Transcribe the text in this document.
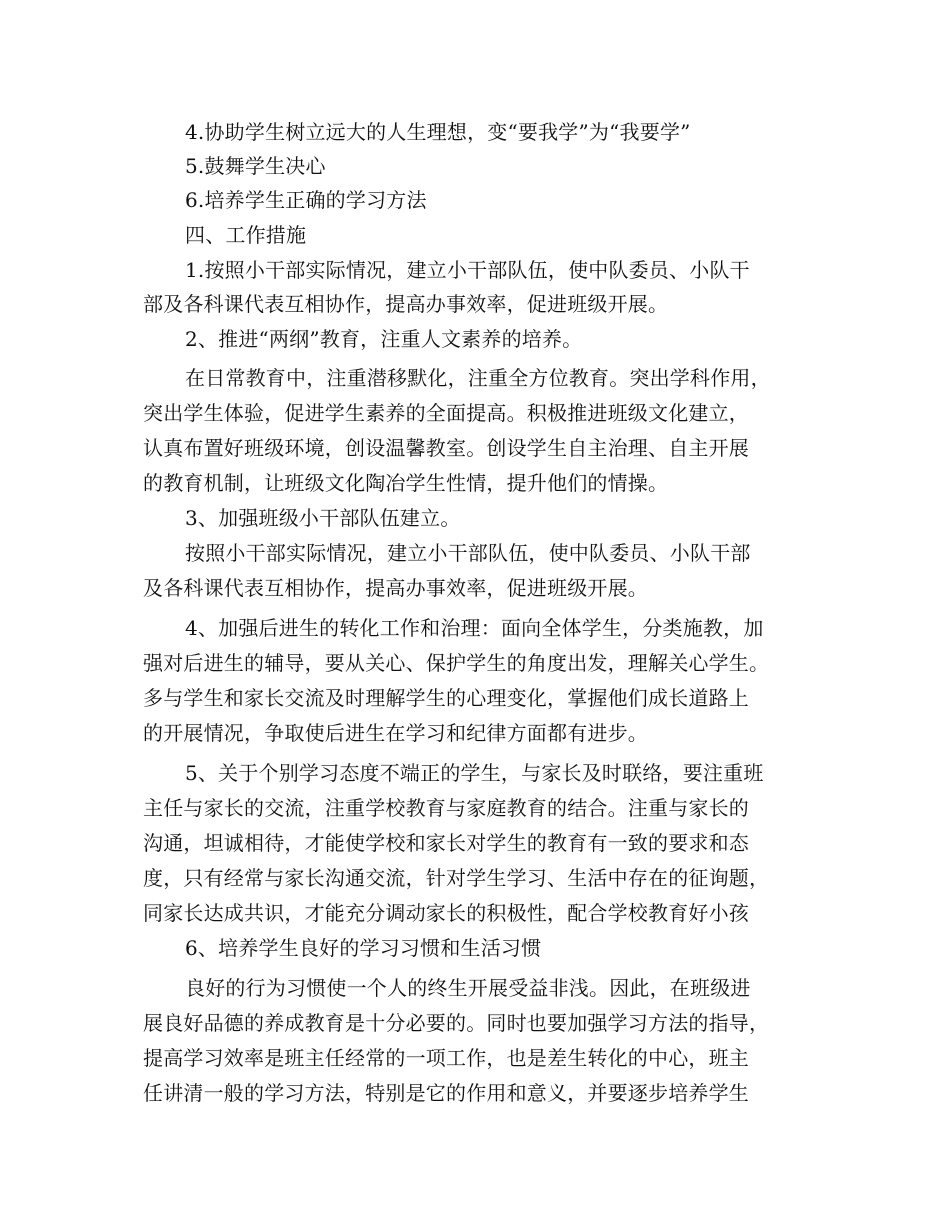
4.协助学生树立远大的人生理想，变“要我学”为“我要学”
5.鼓舞学生决心
6.培养学生正确的学习方法
四、工作措施
1.按照小干部实际情况，建立小干部队伍，使中队委员、小队干
部及各科课代表互相协作，提高办事效率，促进班级开展。
2、推进“两纲”教育，注重人文素养的培养。
在日常教育中，注重潜移默化，注重全方位教育。突出学科作用，
突出学生体验，促进学生素养的全面提高。积极推进班级文化建立，
认真布置好班级环境，创设温馨教室。创设学生自主治理、自主开展
的教育机制，让班级文化陶冶学生性情，提升他们的情操。
3、加强班级小干部队伍建立。
按照小干部实际情况，建立小干部队伍，使中队委员、小队干部
及各科课代表互相协作，提高办事效率，促进班级开展。
4、加强后进生的转化工作和治理：面向全体学生，分类施教，加
强对后进生的辅导，要从关心、保护学生的角度出发，理解关心学生。
多与学生和家长交流及时理解学生的心理变化，掌握他们成长道路上
的开展情况，争取使后进生在学习和纪律方面都有进步。
5、关于个别学习态度不端正的学生，与家长及时联络，要注重班
主任与家长的交流，注重学校教育与家庭教育的结合。注重与家长的
沟通，坦诚相待，才能使学校和家长对学生的教育有一致的要求和态
度，只有经常与家长沟通交流，针对学生学习、生活中存在的征询题，
同家长达成共识，才能充分调动家长的积极性，配合学校教育好小孩
6、培养学生良好的学习习惯和生活习惯
良好的行为习惯使一个人的终生开展受益非浅。因此，在班级进
展良好品德的养成教育是十分必要的。同时也要加强学习方法的指导，
提高学习效率是班主任经常的一项工作，也是差生转化的中心，班主
任讲清一般的学习方法，特别是它的作用和意义，并要逐步培养学生
